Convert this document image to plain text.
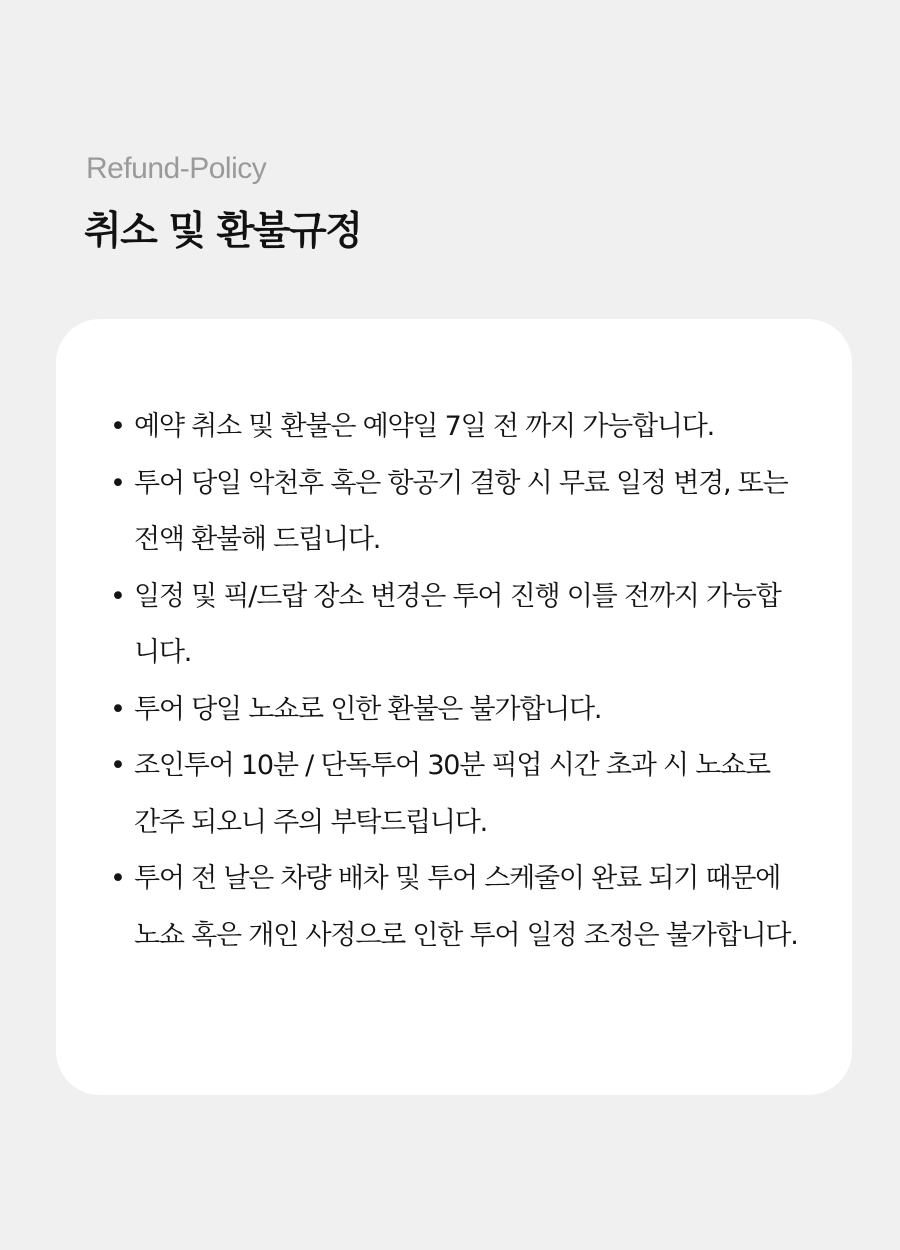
Refund-Policy
취소 및 환불규정
• 예약 취소 및 환불은 예약일 7일 전 까지 가능합니다.
• 투어 당일 악천후 혹은 항공기 결항 시 무료 일정 변경, 또는 전액 환불해 드립니다.
• 일정 및 픽/드랍 장소 변경은 투어 진행 이틀 전까지 가능합니다.
• 투어 당일 노쇼로 인한 환불은 불가합니다.
• 조인투어 10분 / 단독투어 30분 픽업 시간 초과 시 노쇼로 간주 되오니 주의 부탁드립니다.
• 투어 전 날은 차량 배차 및 투어 스케줄이 완료 되기 때문에 노쇼 혹은 개인 사정으로 인한 투어 일정 조정은 불가합니다.
